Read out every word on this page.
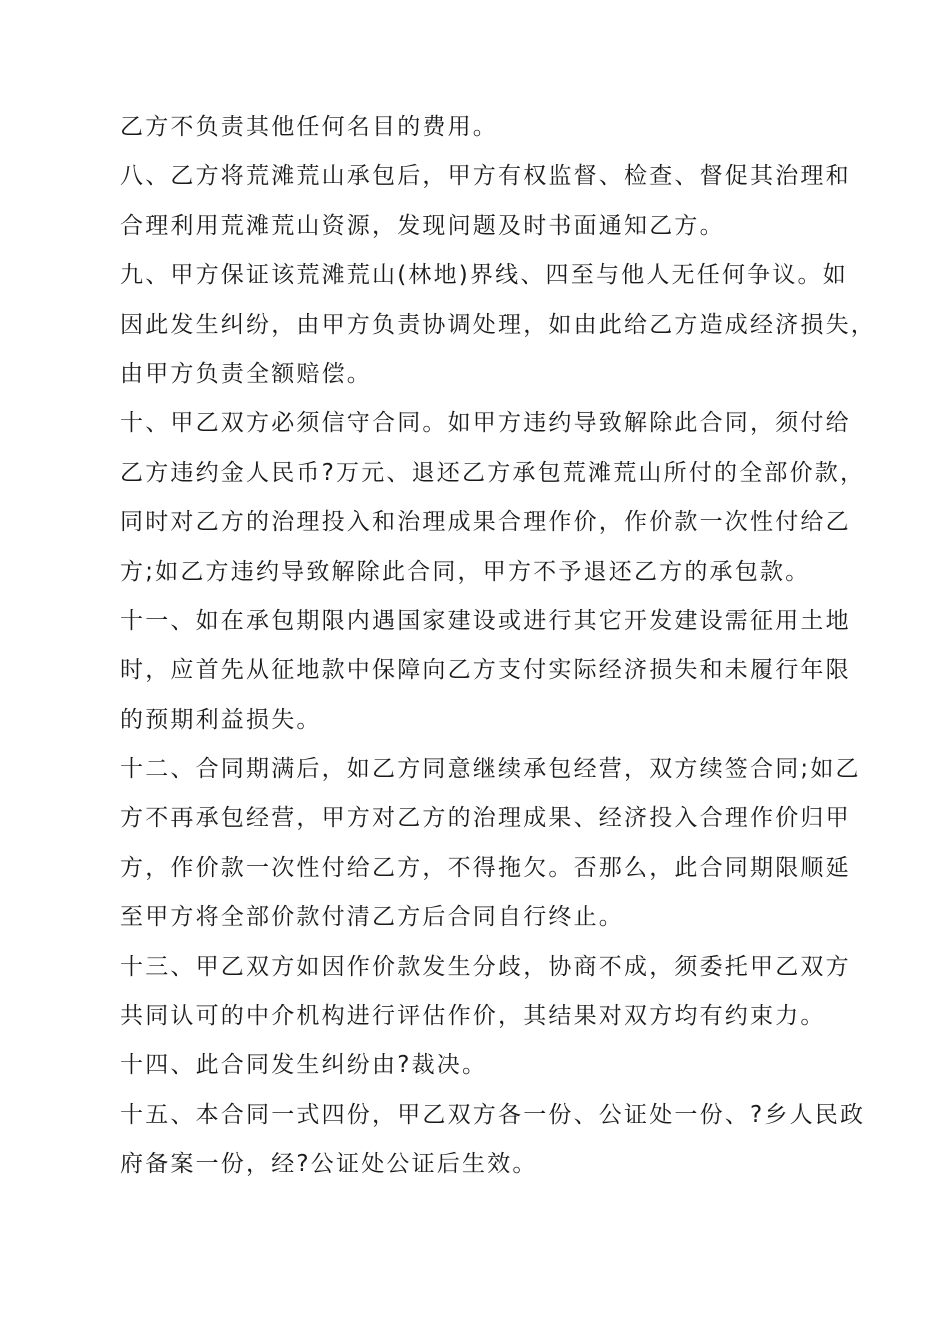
乙方不负责其他任何名目的费用。
八、乙方将荒滩荒山承包后，甲方有权监督、检查、督促其治理和
合理利用荒滩荒山资源，发现问题及时书面通知乙方。
九、甲方保证该荒滩荒山(林地)界线、四至与他人无任何争议。如
因此发生纠纷，由甲方负责协调处理，如由此给乙方造成经济损失，
由甲方负责全额赔偿。
十、甲乙双方必须信守合同。如甲方违约导致解除此合同，须付给
乙方违约金人民币?万元、退还乙方承包荒滩荒山所付的全部价款，
同时对乙方的治理投入和治理成果合理作价，作价款一次性付给乙
方;如乙方违约导致解除此合同，甲方不予退还乙方的承包款。
十一、如在承包期限内遇国家建设或进行其它开发建设需征用土地
时，应首先从征地款中保障向乙方支付实际经济损失和未履行年限
的预期利益损失。
十二、合同期满后，如乙方同意继续承包经营，双方续签合同;如乙
方不再承包经营，甲方对乙方的治理成果、经济投入合理作价归甲
方，作价款一次性付给乙方，不得拖欠。否那么，此合同期限顺延
至甲方将全部价款付清乙方后合同自行终止。
十三、甲乙双方如因作价款发生分歧，协商不成，须委托甲乙双方
共同认可的中介机构进行评估作价，其结果对双方均有约束力。
十四、此合同发生纠纷由?裁决。
十五、本合同一式四份，甲乙双方各一份、公证处一份、?乡人民政
府备案一份，经?公证处公证后生效。
